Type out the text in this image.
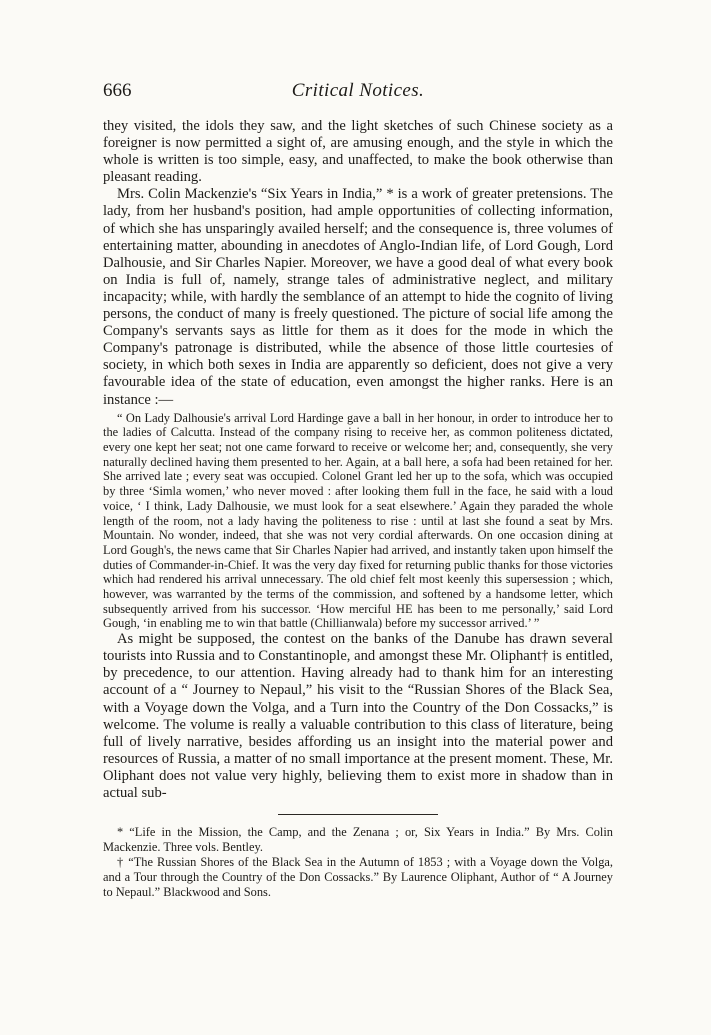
666	Critical Notices.

they visited, the idols they saw, and the light sketches of such Chinese society as a foreigner is now permitted a sight of, are amusing enough, and the style in which the whole is written is too simple, easy, and unaffected, to make the book otherwise than pleasant reading.

Mrs. Colin Mackenzie's “Six Years in India,” * is a work of greater pretensions. The lady, from her husband's position, had ample opportunities of collecting information, of which she has unsparingly availed herself; and the consequence is, three volumes of entertaining matter, abounding in anecdotes of Anglo-Indian life, of Lord Gough, Lord Dalhousie, and Sir Charles Napier. Moreover, we have a good deal of what every book on India is full of, namely, strange tales of administrative neglect, and military incapacity; while, with hardly the semblance of an attempt to hide the cognito of living persons, the conduct of many is freely questioned. The picture of social life among the Company's servants says as little for them as it does for the mode in which the Company's patronage is distributed, while the absence of those little courtesies of society, in which both sexes in India are apparently so deficient, does not give a very favourable idea of the state of education, even amongst the higher ranks. Here is an instance :—

“ On Lady Dalhousie's arrival Lord Hardinge gave a ball in her honour, in order to introduce her to the ladies of Calcutta. Instead of the company rising to receive her, as common politeness dictated, every one kept her seat; not one came forward to receive or welcome her; and, consequently, she very naturally declined having them presented to her. Again, at a ball here, a sofa had been retained for her. She arrived late ; every seat was occupied. Colonel Grant led her up to the sofa, which was occupied by three ‘Simla women,’ who never moved : after looking them full in the face, he said with a loud voice, ‘ I think, Lady Dalhousie, we must look for a seat elsewhere.’ Again they paraded the whole length of the room, not a lady having the politeness to rise : until at last she found a seat by Mrs. Mountain. No wonder, indeed, that she was not very cordial afterwards. On one occasion dining at Lord Gough's, the news came that Sir Charles Napier had arrived, and instantly taken upon himself the duties of Commander-in-Chief. It was the very day fixed for returning public thanks for those victories which had rendered his arrival unnecessary. The old chief felt most keenly this supersession ; which, however, was warranted by the terms of the commission, and softened by a handsome letter, which subsequently arrived from his successor. ‘How merciful HE has been to me personally,’ said Lord Gough, ‘in enabling me to win that battle (Chillianwala) before my successor arrived.’ ”

As might be supposed, the contest on the banks of the Danube has drawn several tourists into Russia and to Constantinople, and amongst these Mr. Oliphant† is entitled, by precedence, to our attention. Having already had to thank him for an interesting account of a “ Journey to Nepaul,” his visit to the “Russian Shores of the Black Sea, with a Voyage down the Volga, and a Turn into the Country of the Don Cossacks,” is welcome. The volume is really a valuable contribution to this class of literature, being full of lively narrative, besides affording us an insight into the material power and resources of Russia, a matter of no small importance at the present moment. These, Mr. Oliphant does not value very highly, believing them to exist more in shadow than in actual sub-

* “Life in the Mission, the Camp, and the Zenana ; or, Six Years in India.” By Mrs. Colin Mackenzie. Three vols. Bentley.

† “The Russian Shores of the Black Sea in the Autumn of 1853 ; with a Voyage down the Volga, and a Tour through the Country of the Don Cossacks.” By Laurence Oliphant, Author of “ A Journey to Nepaul.” Blackwood and Sons.
